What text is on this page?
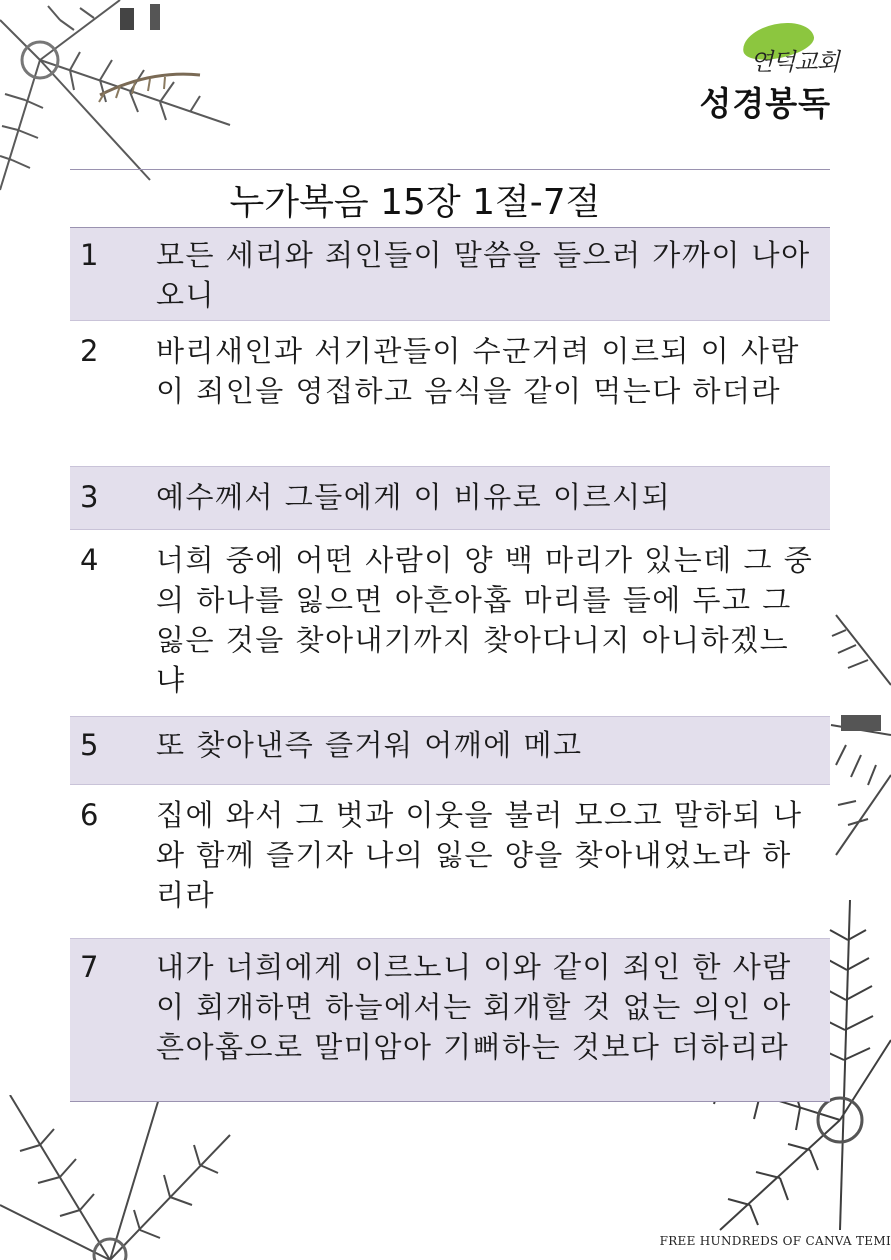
연덕교회
성경봉독
누가복음 15장 1절-7절
1	모든 세리와 죄인들이 말씀을 들으러 가까이 나아오니
2	바리새인과 서기관들이 수군거려 이르되 이 사람이 죄인을 영접하고 음식을 같이 먹는다 하더라
3	예수께서 그들에게 이 비유로 이르시되
4	너희 중에 어떤 사람이 양 백 마리가 있는데 그 중의 하나를 잃으면 아흔아홉 마리를 들에 두고 그 잃은 것을 찾아내기까지 찾아다니지 아니하겠느냐
5	또 찾아낸즉 즐거워 어깨에 메고
6	집에 와서 그 벗과 이웃을 불러 모으고 말하되 나와 함께 즐기자 나의 잃은 양을 찾아내었노라 하리라
7	내가 너희에게 이르노니 이와 같이 죄인 한 사람이 회개하면 하늘에서는 회개할 것 없는 의인 아흔아홉으로 말미암아 기뻐하는 것보다 더하리라
FREE HUNDREDS OF CANVA TEMI
